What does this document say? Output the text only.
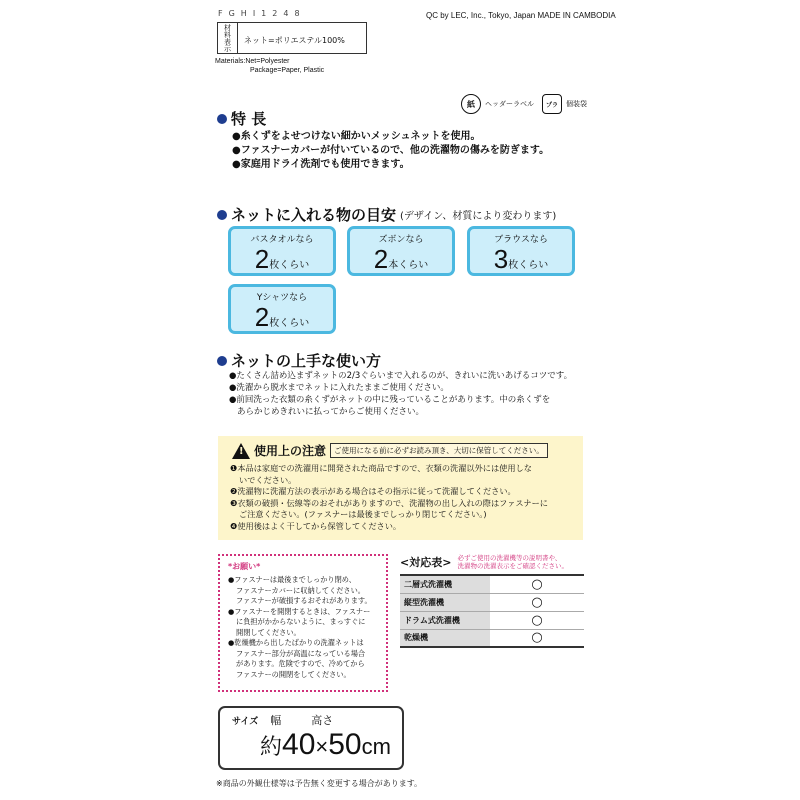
FGHI1248	QC by LEC, Inc., Tokyo, Japan MADE IN CAMBODIA
材料表示	ネット=ポリエステル100%
Materials:Net=Polyester
Package=Paper, Plastic
紙	ヘッダーラベル	プラ	個装袋
特 長
●糸くずをよせつけない細かいメッシュネットを使用。
●ファスナーカバーが付いているので、他の洗濯物の傷みを防ぎます。
●家庭用ドライ洗剤でも使用できます。
ネットに入れる物の目安 (デザイン、材質により変わります)
バスタオルなら
2枚くらい
ズボンなら
2本くらい
ブラウスなら
3枚くらい
Yシャツなら
2枚くらい
ネットの上手な使い方
●たくさん詰め込まずネットの2/3ぐらいまで入れるのが、きれいに洗いあげるコツです。
●洗濯から脱水までネットに入れたままご使用ください。
●前回洗った衣類の糸くずがネットの中に残っていることがあります。中の糸くずを
あらかじめきれいに払ってからご使用ください。
! 使用上の注意	ご使用になる前に必ずお読み頂き、大切に保管してください。
❶本品は家庭での洗濯用に開発された商品ですので、衣類の洗濯以外には使用しな
いでください。
❷洗濯物に洗濯方法の表示がある場合はその指示に従って洗濯してください。
❸衣類の破損・伝線等のおそれがありますので、洗濯物の出し入れの際はファスナーに
ご注意ください。(ファスナーは最後までしっかり閉じてください。)
❹使用後はよく干してから保管してください。
*お願い*
●ファスナーは最後までしっかり閉め、
ファスナーカバーに収納してください。
ファスナーが破損するおそれがあります。
●ファスナーを開閉するときは、ファスナー
に負担がかからないように、まっすぐに
開閉してください。
●乾燥機から出したばかりの洗濯ネットは
ファスナー部分が高温になっている場合
があります。危険ですので、冷めてから
ファスナーの開閉をしてください。
<対応表> 必ずご使用の洗濯機等の説明書や、
洗濯物の洗濯表示をご確認ください。
二層式洗濯機	○
縦型洗濯機	○
ドラム式洗濯機	○
乾燥機	○
サイズ 幅	高さ
約40×50cm
※商品の外観仕様等は予告無く変更する場合があります。
